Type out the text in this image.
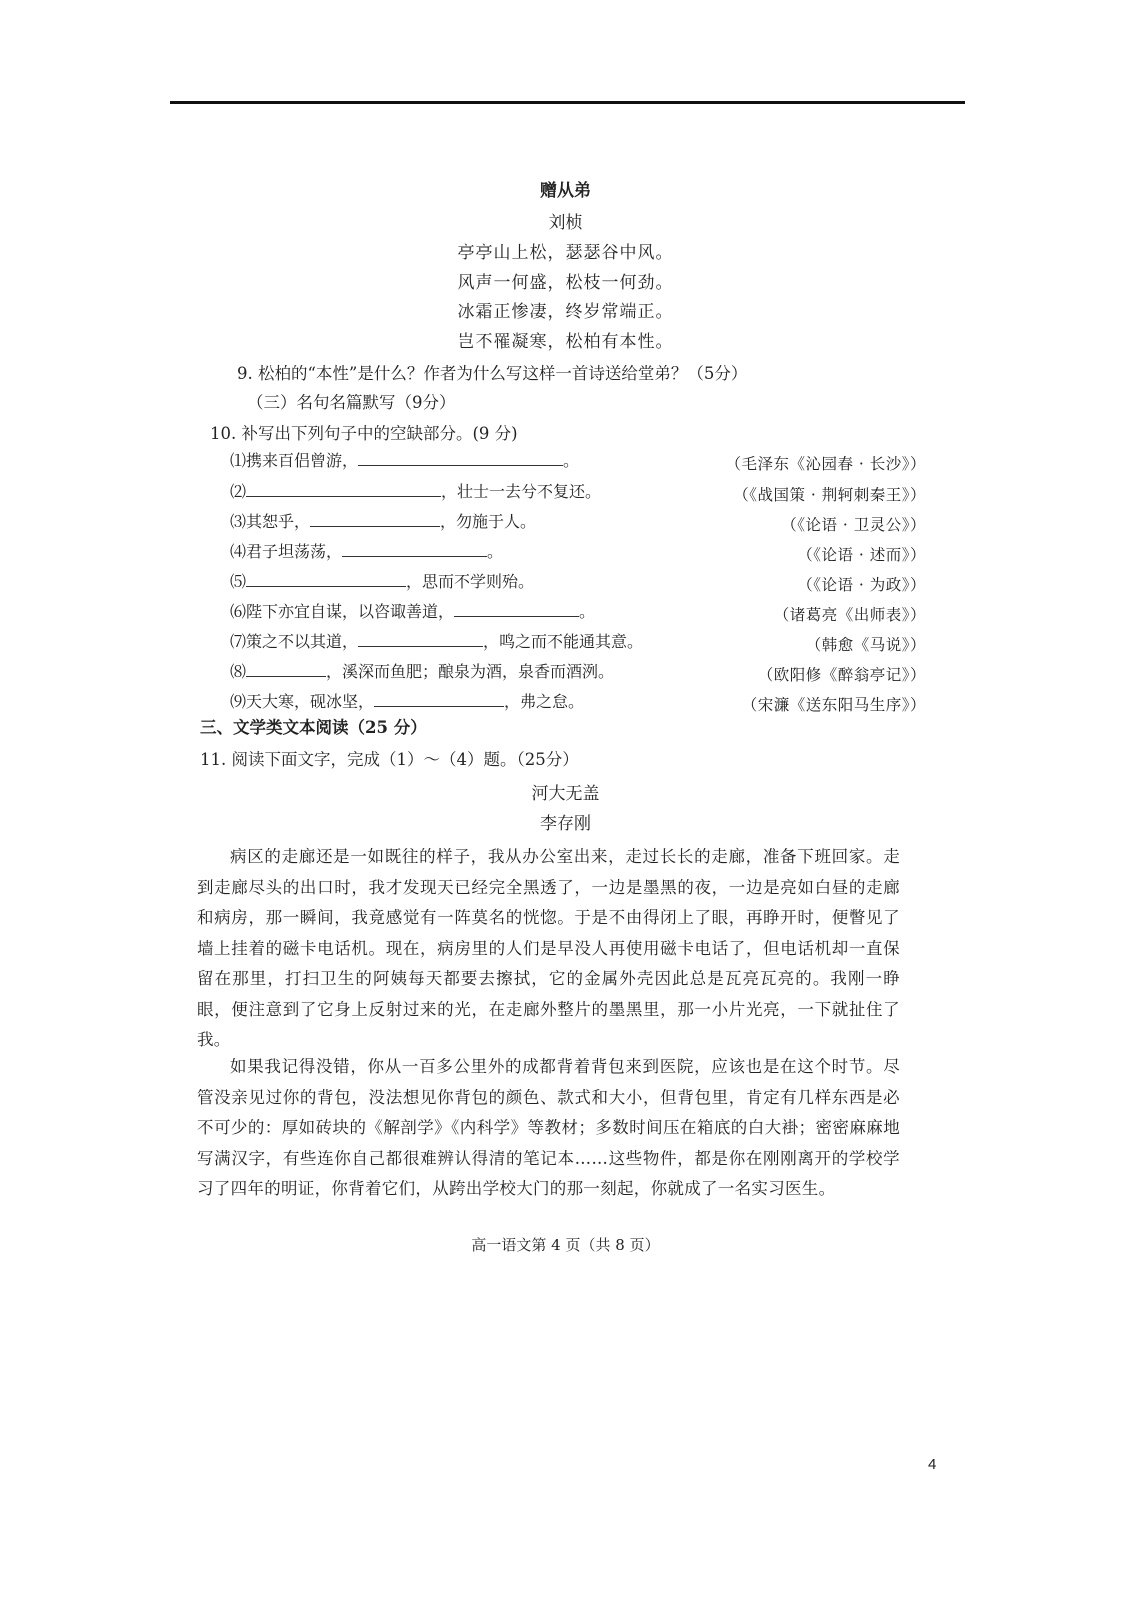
赠从弟
刘桢
亭亭山上松，瑟瑟谷中风。
风声一何盛，松枝一何劲。
冰霜正惨凄，终岁常端正。
岂不罹凝寒，松柏有本性。
9. 松柏的“本性”是什么？作者为什么写这样一首诗送给堂弟？（5分）
（三）名句名篇默写（9分）
10. 补写出下列句子中的空缺部分。(9 分)
⑴携来百侣曾游，	。	（毛泽东《沁园春 · 长沙》）
⑵	，壮士一去兮不复还。	（《战国策 · 荆轲刺秦王》）
⑶其恕乎，	，勿施于人。	（《论语 · 卫灵公》）
⑷君子坦荡荡，	。	（《论语 · 述而》）
⑸	，思而不学则殆。	（《论语 · 为政》）
⑹陛下亦宜自谋，以咨诹善道，	。	（诸葛亮《出师表》）
⑺策之不以其道，	，鸣之而不能通其意。	（韩愈《马说》）
⑻	，溪深而鱼肥；酿泉为酒，泉香而酒洌。	（欧阳修《醉翁亭记》）
⑼天大寒，砚冰坚，	，弗之怠。	（宋濂《送东阳马生序》）
三、文学类文本阅读（25 分）
11. 阅读下面文字，完成（1）～（4）题。（25分）
河大无盖
李存刚
病区的走廊还是一如既往的样子，我从办公室出来，走过长长的走廊，准备下班回家。走到走廊尽头的出口时，我才发现天已经完全黑透了，一边是墨黑的夜，一边是亮如白昼的走廊和病房，那一瞬间，我竟感觉有一阵莫名的恍惚。于是不由得闭上了眼，再睁开时，便瞥见了墙上挂着的磁卡电话机。现在，病房里的人们是早没人再使用磁卡电话了，但电话机却一直保留在那里，打扫卫生的阿姨每天都要去擦拭，它的金属外壳因此总是瓦亮瓦亮的。我刚一睁眼，便注意到了它身上反射过来的光，在走廊外整片的墨黑里，那一小片光亮，一下就扯住了我。
如果我记得没错，你从一百多公里外的成都背着背包来到医院，应该也是在这个时节。尽管没亲见过你的背包，没法想见你背包的颜色、款式和大小，但背包里，肯定有几样东西是必不可少的：厚如砖块的《解剖学》《内科学》等教材；多数时间压在箱底的白大褂；密密麻麻地写满汉字，有些连你自己都很难辨认得清的笔记本……这些物件，都是你在刚刚离开的学校学习了四年的明证，你背着它们，从跨出学校大门的那一刻起，你就成了一名实习医生。
高一语文第 4 页（共 8 页）
4
